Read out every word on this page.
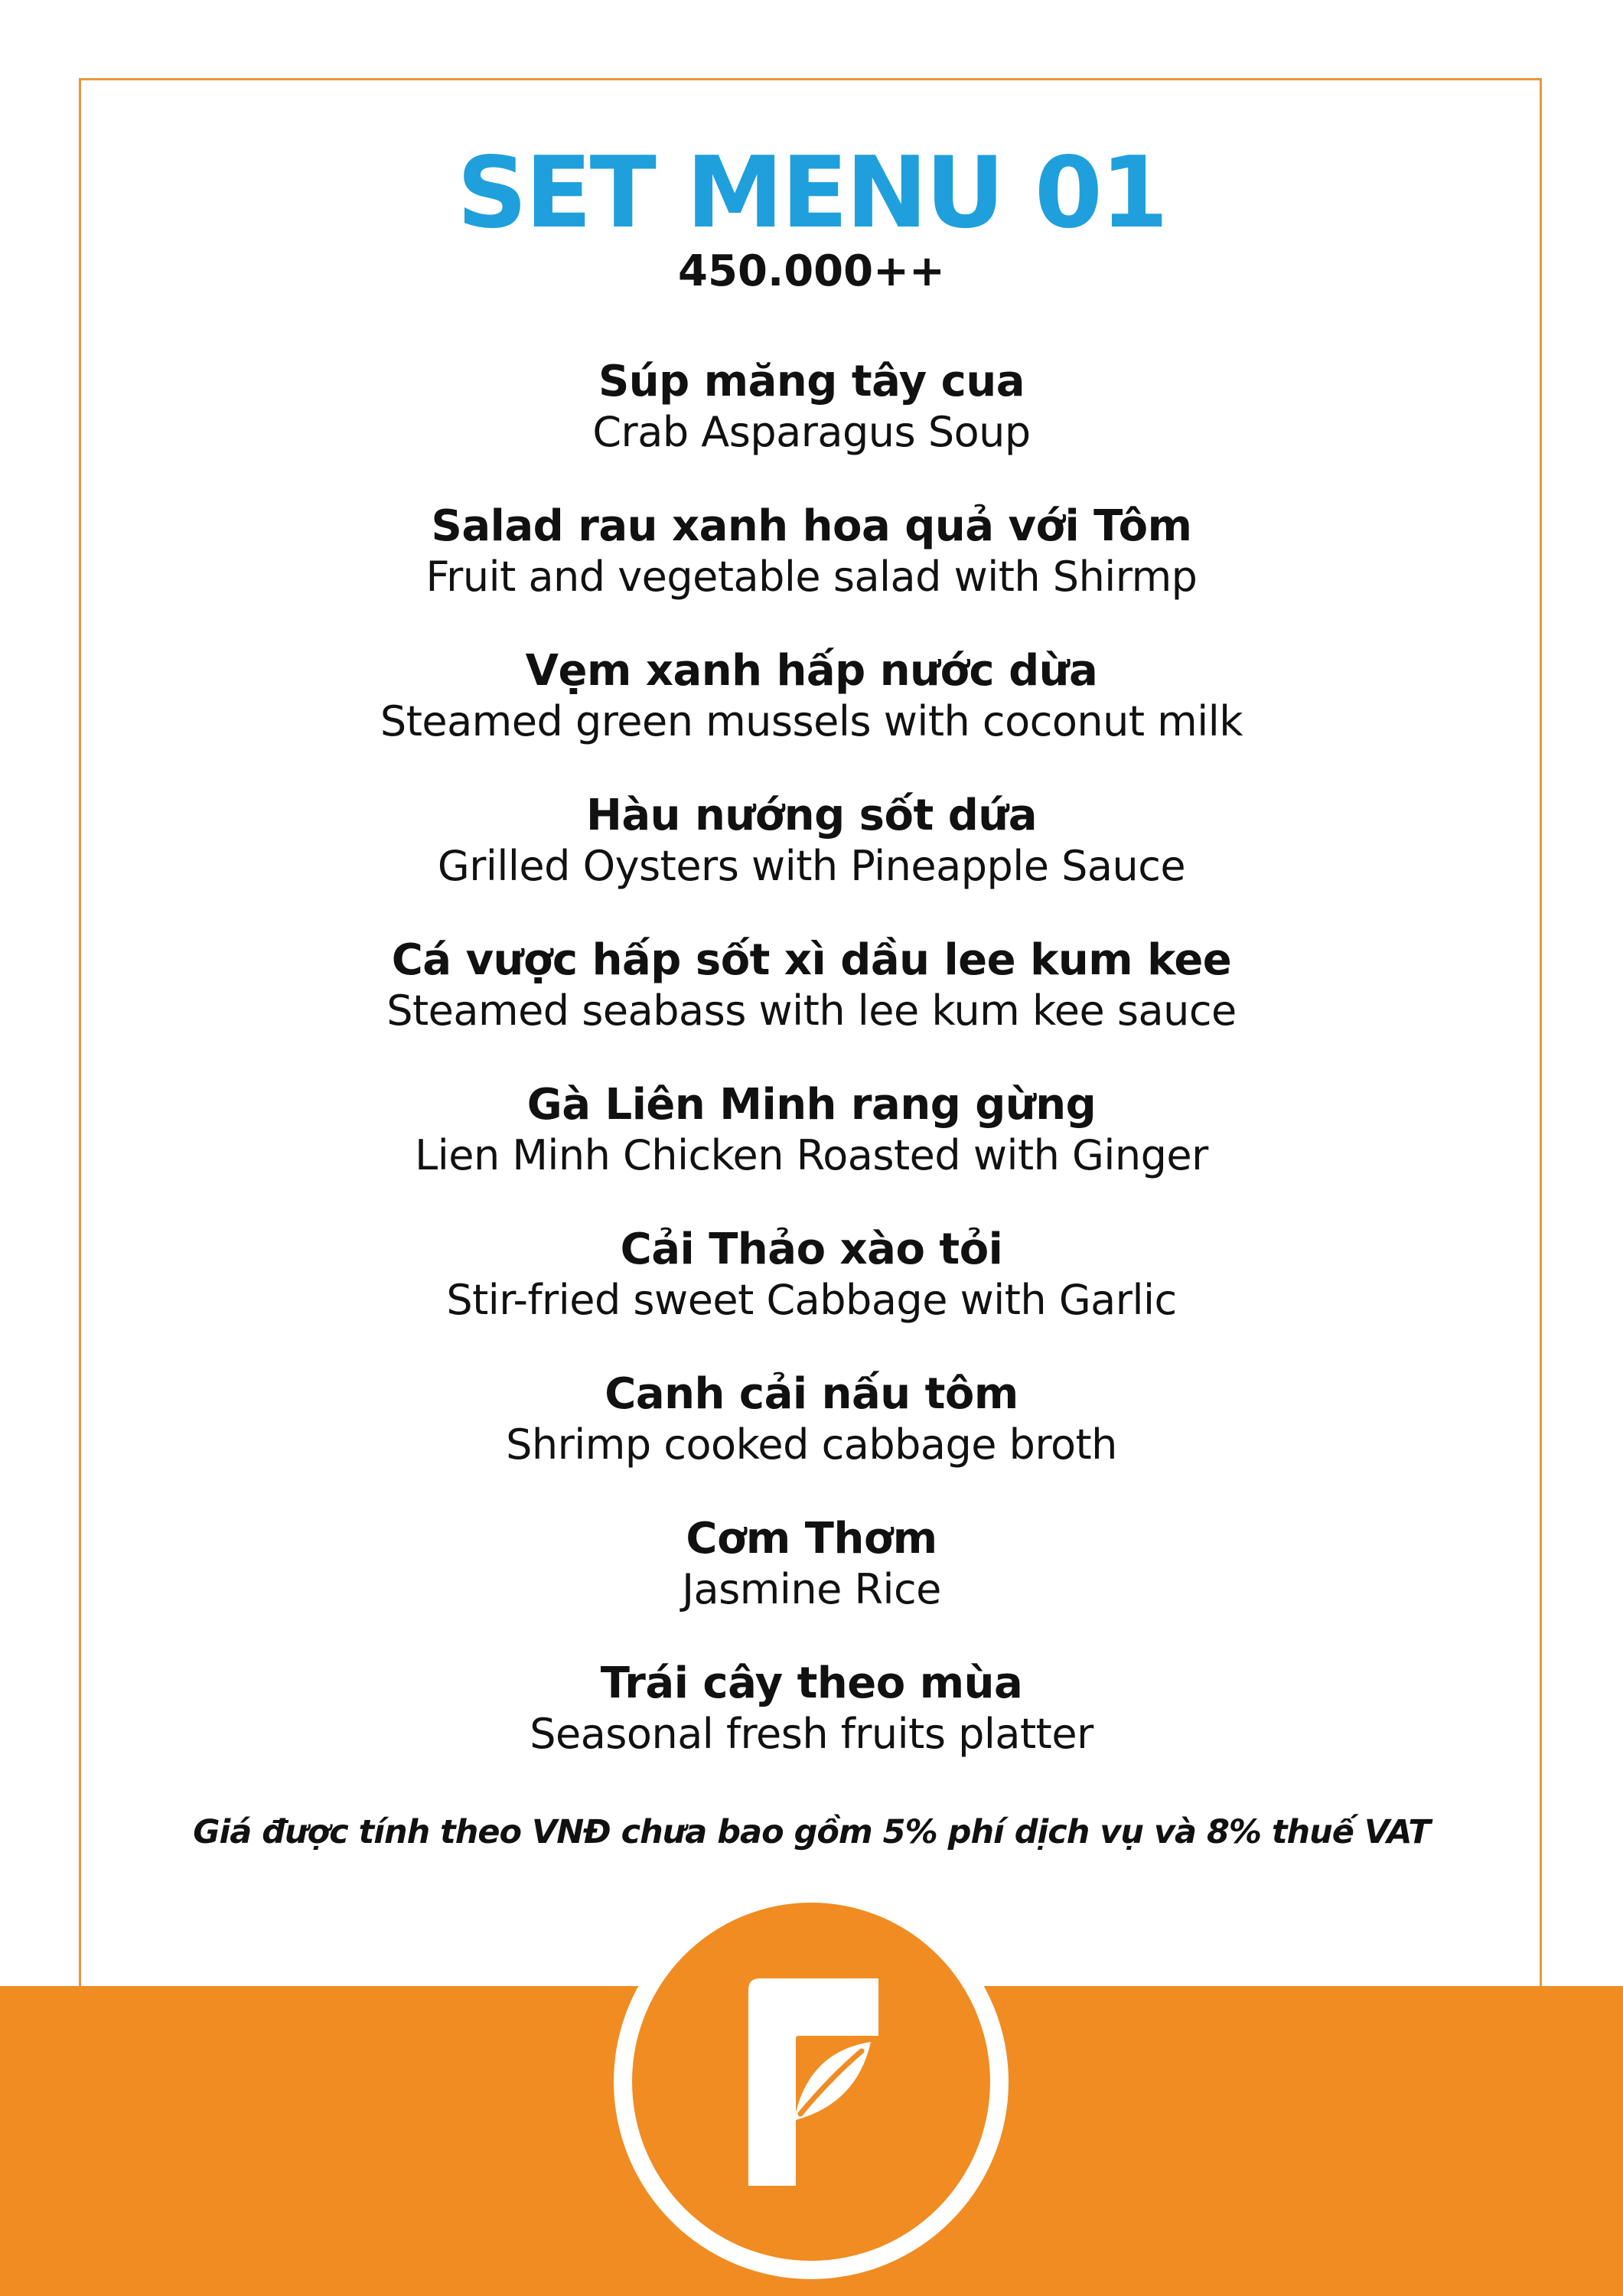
SET MENU 01
450.000++
Súp măng tây cua
Crab Asparagus Soup
Salad rau xanh hoa quả với Tôm
Fruit and vegetable salad with Shirmp
Vẹm xanh hấp nước dừa
Steamed green mussels with coconut milk
Hàu nướng sốt dứa
Grilled Oysters with Pineapple Sauce
Cá vược hấp sốt xì dầu lee kum kee
Steamed seabass with lee kum kee sauce
Gà Liên Minh rang gừng
Lien Minh Chicken Roasted with Ginger
Cải Thảo xào tỏi
Stir-fried sweet Cabbage with Garlic
Canh cải nấu tôm
Shrimp cooked cabbage broth
Cơm Thơm
Jasmine Rice
Trái cây theo mùa
Seasonal fresh fruits platter
Giá được tính theo VNĐ chưa bao gồm 5% phí dịch vụ và 8% thuế VAT
